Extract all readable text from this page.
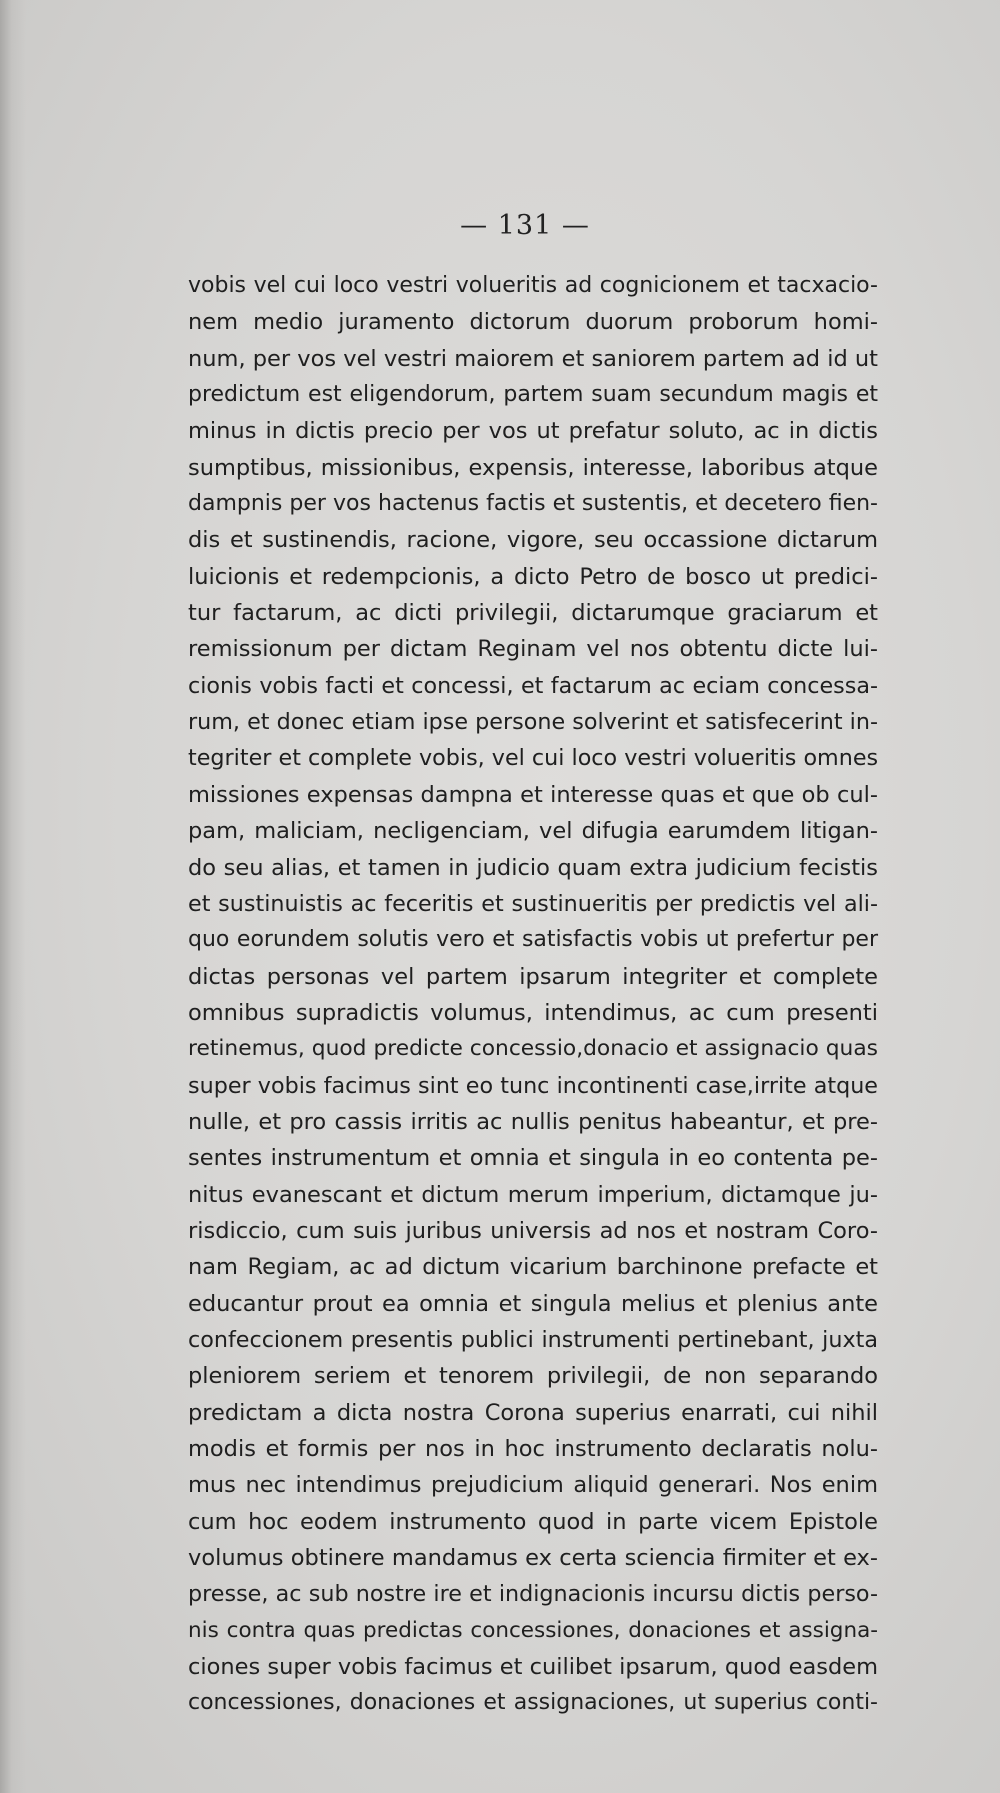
— 131 —
vobis vel cui loco vestri volueritis ad cognicionem et tacxacio-
nem medio juramento dictorum duorum proborum homi-
num, per vos vel vestri maiorem et saniorem partem ad id ut
predictum est eligendorum, partem suam secundum magis et
minus in dictis precio per vos ut prefatur soluto, ac in dictis
sumptibus, missionibus, expensis, interesse, laboribus atque
dampnis per vos hactenus factis et sustentis, et decetero fien-
dis et sustinendis, racione, vigore, seu occassione dictarum
luicionis et redempcionis, a dicto Petro de bosco ut predici-
tur factarum, ac dicti privilegii, dictarumque graciarum et
remissionum per dictam Reginam vel nos obtentu dicte lui-
cionis vobis facti et concessi, et factarum ac eciam concessa-
rum, et donec etiam ipse persone solverint et satisfecerint in-
tegriter et complete vobis, vel cui loco vestri volueritis omnes
missiones expensas dampna et interesse quas et que ob cul-
pam, maliciam, necligenciam, vel difugia earumdem litigan-
do seu alias, et tamen in judicio quam extra judicium fecistis
et sustinuistis ac feceritis et sustinueritis per predictis vel ali-
quo eorundem solutis vero et satisfactis vobis ut prefertur per
dictas personas vel partem ipsarum integriter et complete
omnibus supradictis volumus, intendimus, ac cum presenti
retinemus, quod predicte concessio,donacio et assignacio quas
super vobis facimus sint eo tunc incontinenti case,irrite atque
nulle, et pro cassis irritis ac nullis penitus habeantur, et pre-
sentes instrumentum et omnia et singula in eo contenta pe-
nitus evanescant et dictum merum imperium, dictamque ju-
risdiccio, cum suis juribus universis ad nos et nostram Coro-
nam Regiam, ac ad dictum vicarium barchinone prefacte et
educantur prout ea omnia et singula melius et plenius ante
confeccionem presentis publici instrumenti pertinebant, juxta
pleniorem seriem et tenorem privilegii, de non separando
predictam a dicta nostra Corona superius enarrati, cui nihil
modis et formis per nos in hoc instrumento declaratis nolu-
mus nec intendimus prejudicium aliquid generari. Nos enim
cum hoc eodem instrumento quod in parte vicem Epistole
volumus obtinere mandamus ex certa sciencia firmiter et ex-
presse, ac sub nostre ire et indignacionis incursu dictis perso-
nis contra quas predictas concessiones, donaciones et assigna-
ciones super vobis facimus et cuilibet ipsarum, quod easdem
concessiones, donaciones et assignaciones, ut superius conti-
